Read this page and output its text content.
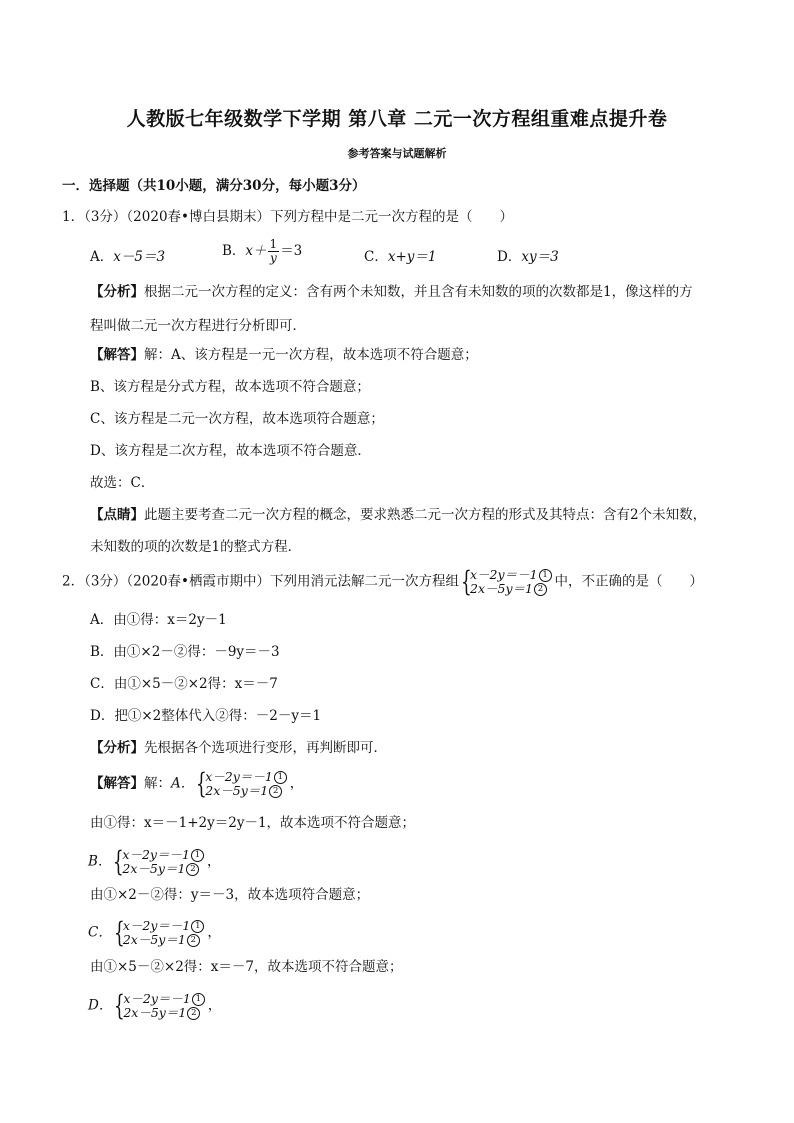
人教版七年级数学下学期 第八章 二元一次方程组重难点提升卷
参考答案与试题解析
一．选择题（共10小题，满分30分，每小题3分）
1．（3分）（2020春•博白县期末）下列方程中是二元一次方程的是（　　）
A．x－5＝3	B．$x+ \frac{1}{y} =3$	C．x+y＝1	D．xy＝3
【分析】根据二元一次方程的定义：含有两个未知数，并且含有未知数的项的次数都是1，像这样的方
程叫做二元一次方程进行分析即可．
【解答】解：A、该方程是一元一次方程，故本选项不符合题意；
B、该方程是分式方程，故本选项不符合题意；
C、该方程是二元一次方程，故本选项符合题意；
D、该方程是二次方程，故本选项不符合题意．
故选：C．
【点睛】此题主要考查二元一次方程的概念，要求熟悉二元一次方程的形式及其特点：含有2个未知数，
未知数的项的次数是1的整式方程．
2．（3分）（2020春•栖霞市期中）下列用消元法解二元一次方程组 {
x－2y＝－1 1
2x－5y＝1 2 中，不正确的是（　　）
A．由①得：x＝2y－1
B．由①×2－②得：－9y＝－3
C．由①×5－②×2得：x＝－7
D．把①×2整体代入②得：－2－y＝1
【分析】先根据各个选项进行变形，再判断即可．
【解答】解：A． {
x－2y＝－1 1
2x－5y＝1 2 ，
由①得：x＝－1+2y＝2y－1，故本选项不符合题意；
B． {
x－2y＝－1 1
2x－5y＝1 2 ，
由①×2－②得：y＝－3，故本选项符合题意；
C． {
x－2y＝－1 1
2x－5y＝1 2 ，
由①×5－②×2得：x＝－7，故本选项不符合题意；
D． {
x－2y＝－1 1
2x－5y＝1 2 ，
